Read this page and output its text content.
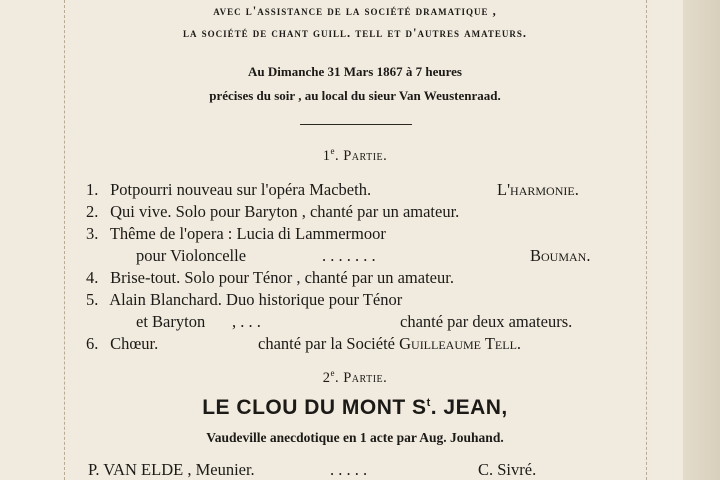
avec l'assistance de la société dramatique ,
la société de chant guill. tell et d'autres amateurs.
Au Dimanche 31 Mars 1867 à 7 heures
précises du soir , au local du sieur Van Weustenraad.
1e. Partie.
1. Potpourri nouveau sur l'opéra Macbeth.	L'harmonie.
2. Qui vive. Solo pour Baryton , chanté par un amateur.
3. Thême de l'opera : Lucia di Lammermoor
pour Violoncelle	. . . . . . .	Bouman.
4. Brise-tout. Solo pour Ténor , chanté par un amateur.
5. Alain Blanchard. Duo historique pour Ténor
et Baryton , . . .	chanté par deux amateurs.
6. Chœur.	chanté par la Société Guilleaume Tell.
2e. Partie.
LE CLOU DU MONT $S^t$. JEAN,
Vaudeville anecdotique en 1 acte par Aug. Jouhand.
P. VAN ELDE , Meunier.	. . . . .	C. Sivré.
